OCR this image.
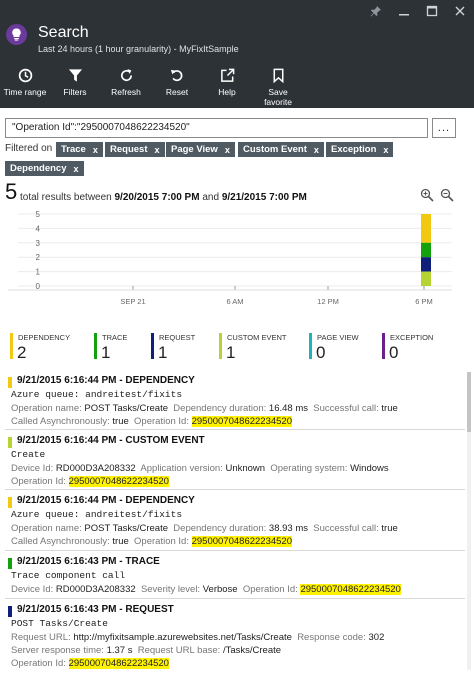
Search
Last 24 hours (1 hour granularity) - MyFixItSample
Time range Filters	Refresh	Reset	Help	Save
favorite
"Operation Id":"2950007048622234520"	...
Filtered on Trace x Request x Page View x Custom Event x Exception x
Dependency x
5 total results between 9/20/2015 7:00 PM and 9/21/2015 7:00 PM
5
4
3
2
1
0
SEP 21	6 AM	12 PM	6 PM
DEPENDENCY
2
TRACE
1
REQUEST
1
CUSTOM EVENT
1
PAGE VIEW
0
EXCEPTION
0
9/21/2015 6:16:44 PM - DEPENDENCY
Azure queue: andreitest/fixits
Operation name: POST Tasks/Create Dependency duration: 16.48 ms Successful call: true
Called Asynchronously: true Operation Id: 2950007048622234520
9/21/2015 6:16:44 PM - CUSTOM EVENT
Create
Device Id: RD000D3A208332 Application version: Unknown Operating system: Windows
Operation Id: 2950007048622234520
9/21/2015 6:16:44 PM - DEPENDENCY
Azure queue: andreitest/fixits
Operation name: POST Tasks/Create Dependency duration: 38.93 ms Successful call: true
Called Asynchronously: true Operation Id: 2950007048622234520
9/21/2015 6:16:43 PM - TRACE
Trace component call
Device Id: RD000D3A208332 Severity level: Verbose Operation Id: 2950007048622234520
9/21/2015 6:16:43 PM - REQUEST
POST Tasks/Create
Request URL: http://myfixitsample.azurewebsites.net/Tasks/Create Response code: 302
Server response time: 1.37 s Request URL base: /Tasks/Create
Operation Id: 2950007048622234520
